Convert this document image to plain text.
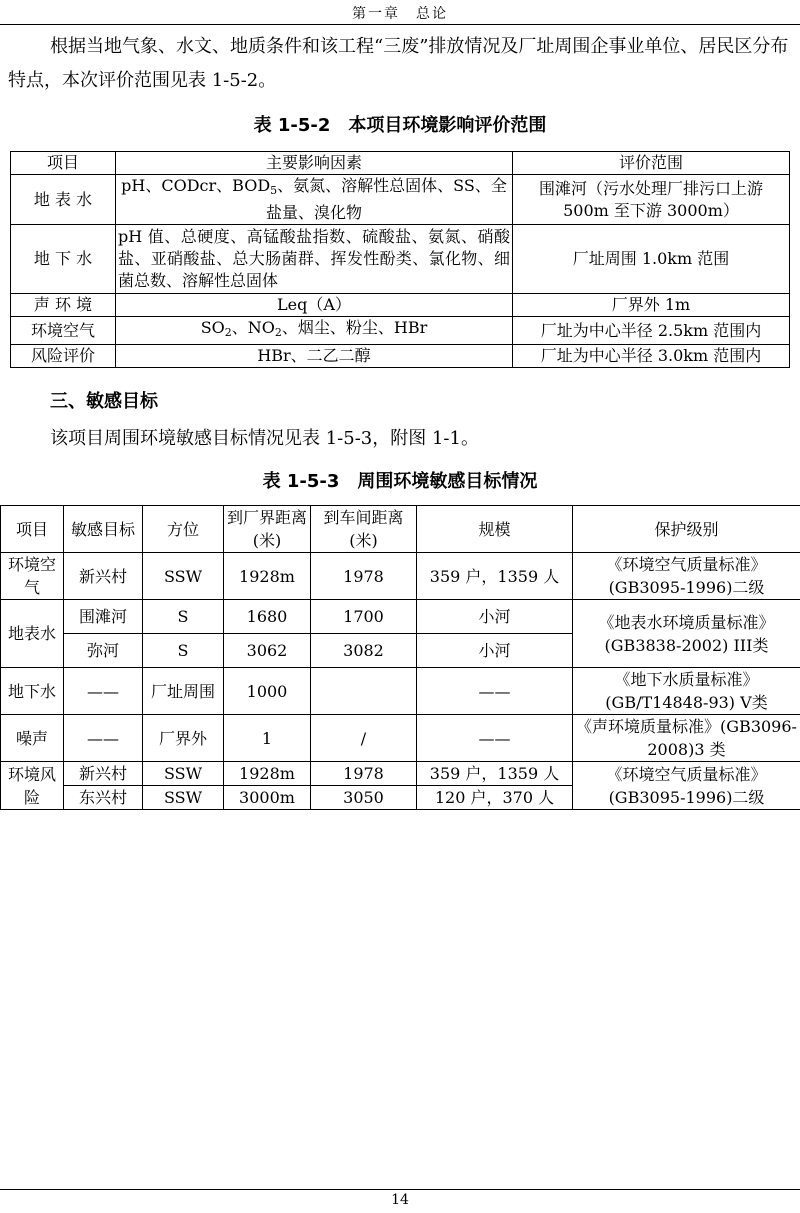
第一章　总论
根据当地气象、水文、地质条件和该工程“三废”排放情况及厂址周围企事业单位、居民区分布特点，本次评价范围见表 1-5-2。
表 1-5-2　本项目环境影响评价范围
项目	主要影响因素	评价范围
地 表 水	pH、CODcr、$BOD_5$、氨氮、溶解性总固体、SS、全盐量、溴化物	围滩河（污水处理厂排污口上游 500m 至下游 3000m）
地 下 水	pH 值、总硬度、高锰酸盐指数、硫酸盐、氨氮、硝酸盐、亚硝酸盐、总大肠菌群、挥发性酚类、氯化物、细菌总数、溶解性总固体	厂址周围 1.0km 范围
声 环 境	Leq（A）	厂界外 1m
环境空气	$SO_2$、$NO_2$、烟尘、粉尘、HBr	厂址为中心半径 2.5km 范围内
风险评价	HBr、二乙二醇	厂址为中心半径 3.0km 范围内
三、敏感目标
该项目周围环境敏感目标情况见表 1-5-3，附图 1-1。
表 1-5-3　周围环境敏感目标情况
项目	敏感目标	方位	到厂界距离(米)	到车间距离(米)	规模	保护级别
环境空气	新兴村	SSW	1928m	1978	359 户，1359 人	《环境空气质量标准》(GB3095-1996)二级
地表水	围滩河	S	1680	1700	小河	《地表水环境质量标准》(GB3838-2002) III类
	弥河	S	3062	3082	小河	
地下水	——	厂址周围	1000		——	《地下水质量标准》(GB/T14848-93) Ⅴ类
噪声	——	厂界外	1	/	——	《声环境质量标准》(GB3096-2008)3 类
环境风险	新兴村	SSW	1928m	1978	359 户，1359 人	《环境空气质量标准》(GB3095-1996)二级
	东兴村	SSW	3000m	3050	120 户，370 人	
14
